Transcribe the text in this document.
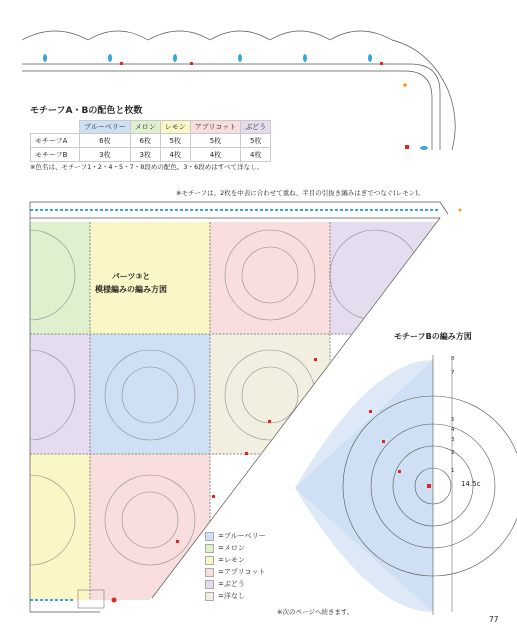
モチーフA・Bの配色と枚数
	ブルーベリー	メロン	レモン	アプリコット	ぶどう
モチーフA	6枚	6枚	5枚	5枚	5枚
モチーフB	3枚	3枚	4枚	4枚	4枚
※色名は、モチーフ1・2・4・5・7・8段めの配色。3・6段めはすべて洋なし。
※モチーフは、2枚を中表に合わせて重ね、半目の引抜き編みはぎでつなぐ(レモン)。
パーツ③と
模様編みの編み方図
モチーフBの編み方図
8
7
5
4
3
2
1
14.5c
=ブルーベリー
=メロン
=レモン
=アプリコット
=ぶどう
=洋なし
※次のページへ続きます。
77
